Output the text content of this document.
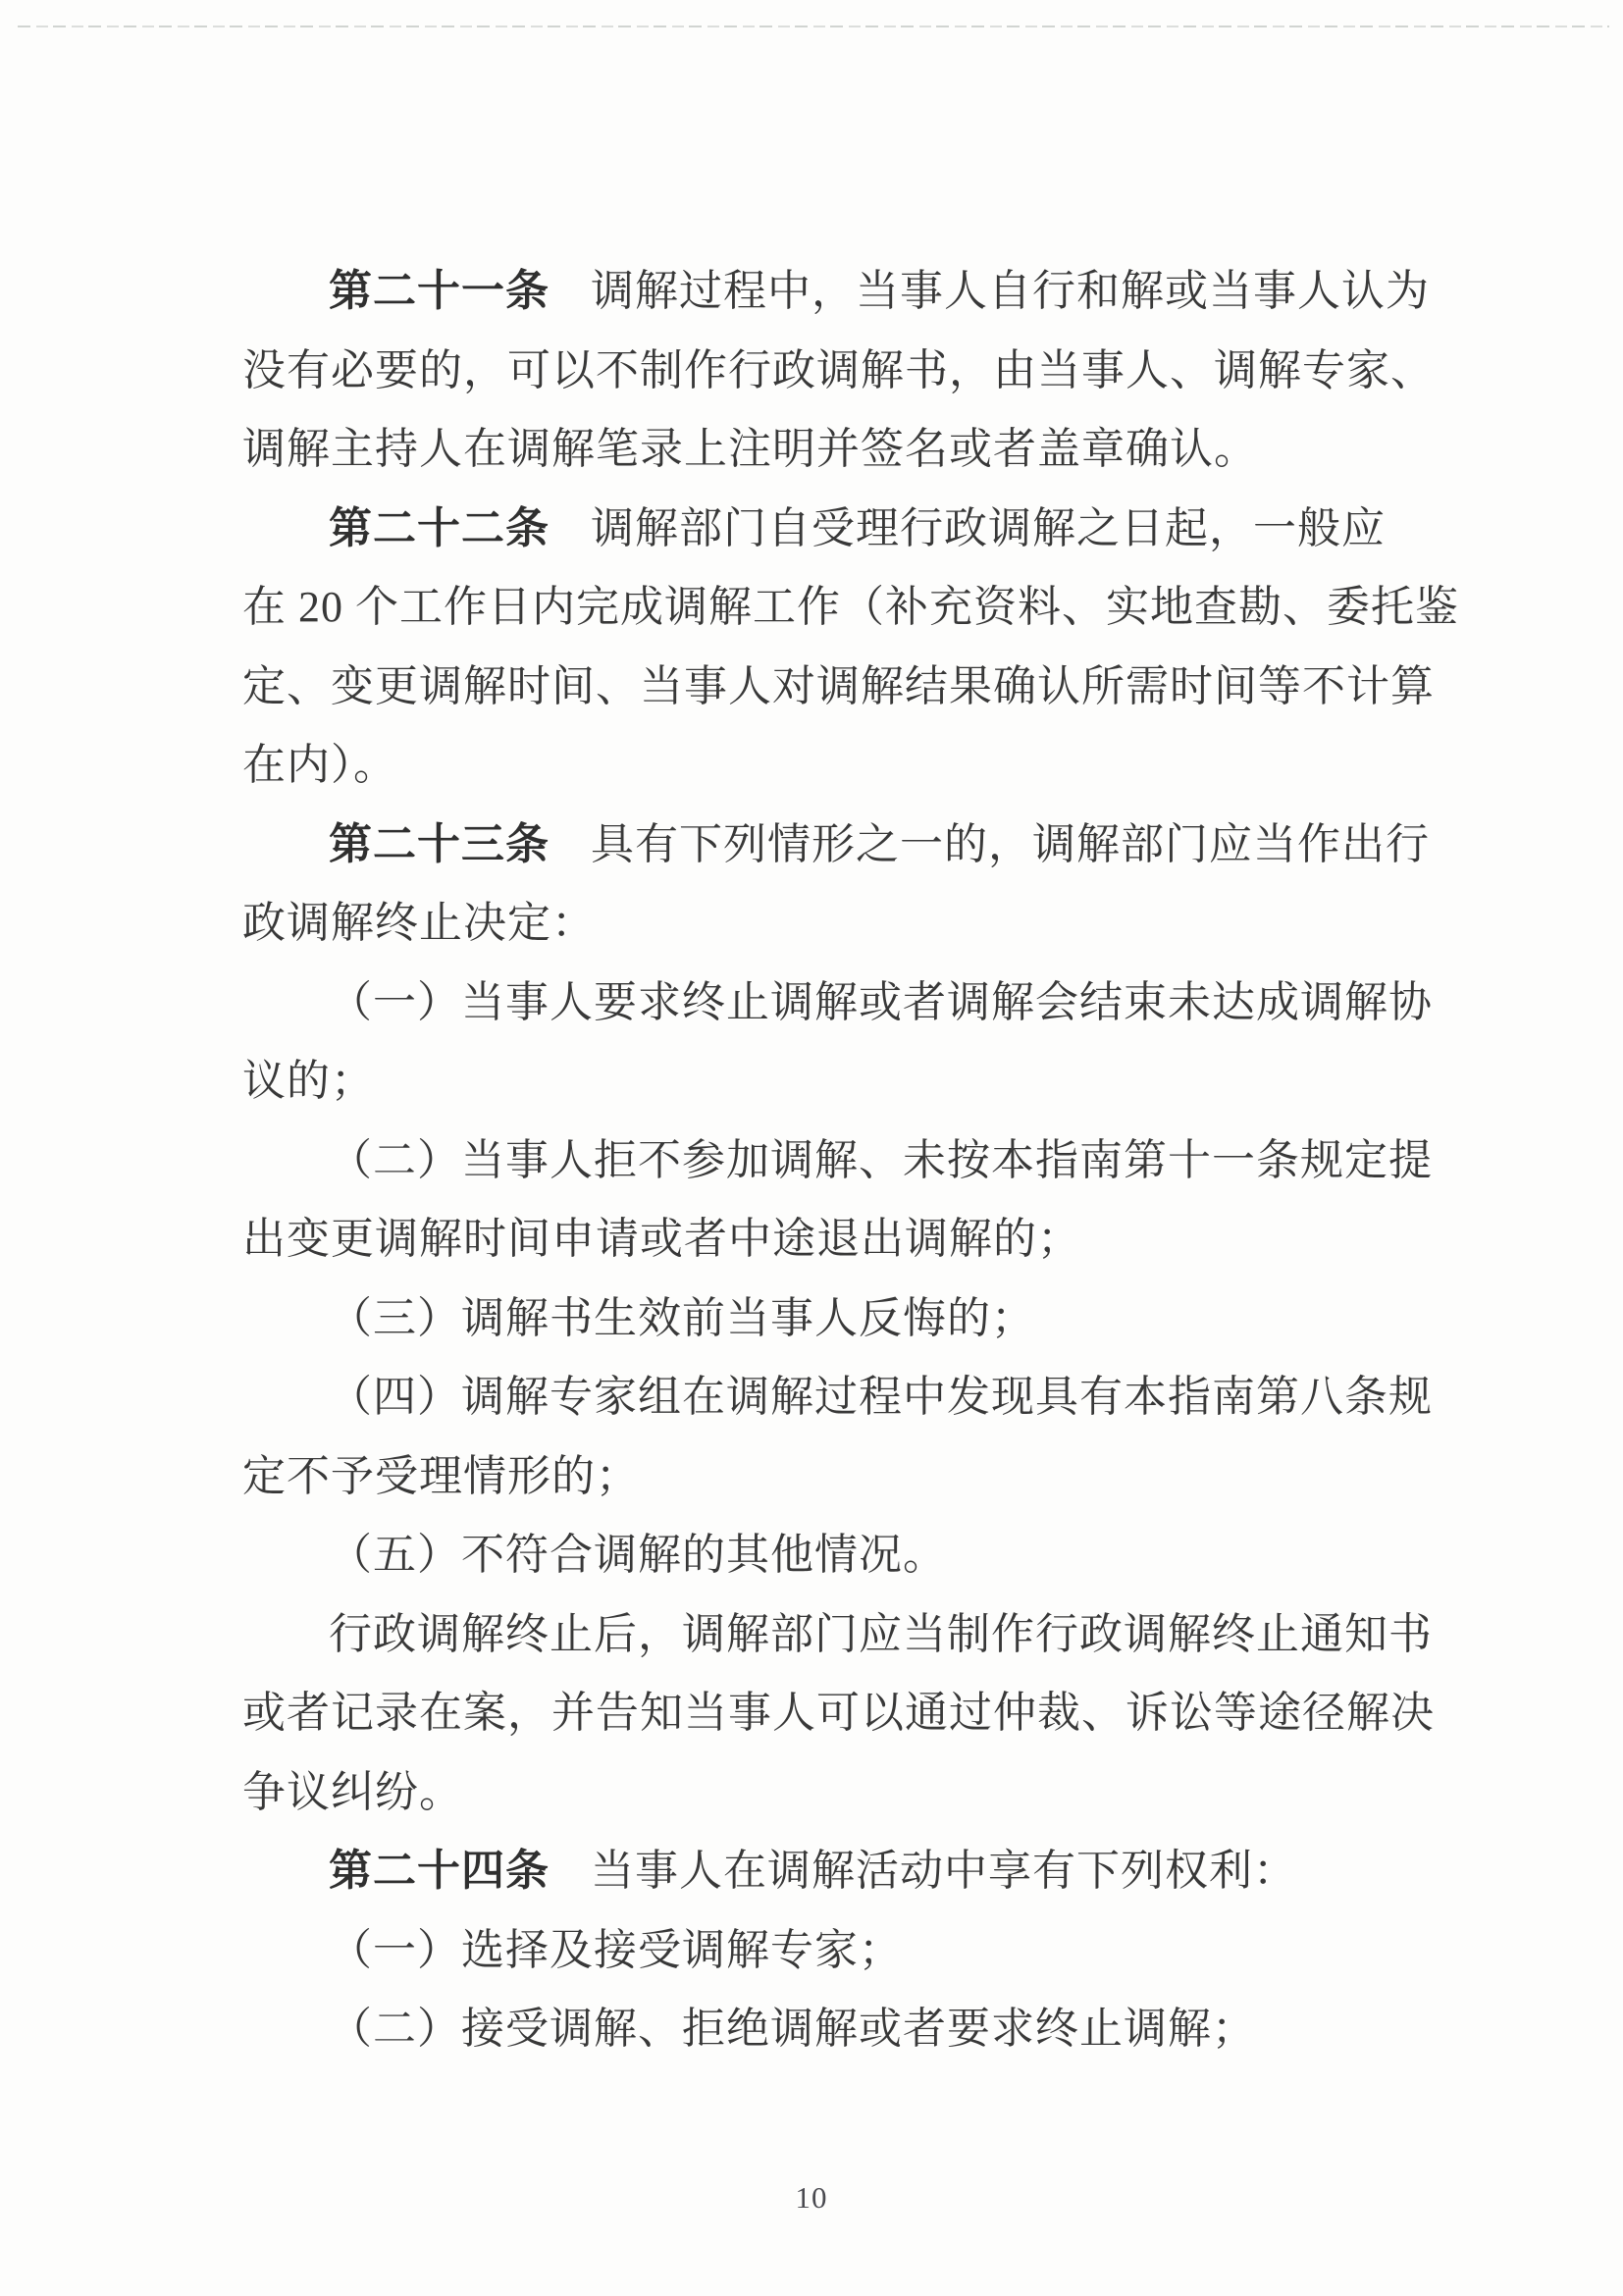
第二十一条 调解过程中，当事人自行和解或当事人认为
没有必要的，可以不制作行政调解书，由当事人、调解专家、
调解主持人在调解笔录上注明并签名或者盖章确认。
第二十二条 调解部门自受理行政调解之日起，一般应
在 20 个工作日内完成调解工作（补充资料、实地查勘、委托鉴
定、变更调解时间、当事人对调解结果确认所需时间等不计算
在内）。
第二十三条 具有下列情形之一的，调解部门应当作出行
政调解终止决定：
（一）当事人要求终止调解或者调解会结束未达成调解协
议的；
（二）当事人拒不参加调解、未按本指南第十一条规定提
出变更调解时间申请或者中途退出调解的；
（三）调解书生效前当事人反悔的；
（四）调解专家组在调解过程中发现具有本指南第八条规
定不予受理情形的；
（五）不符合调解的其他情况。
行政调解终止后，调解部门应当制作行政调解终止通知书
或者记录在案，并告知当事人可以通过仲裁、诉讼等途径解决
争议纠纷。
第二十四条 当事人在调解活动中享有下列权利：
（一）选择及接受调解专家；
（二）接受调解、拒绝调解或者要求终止调解；
10
